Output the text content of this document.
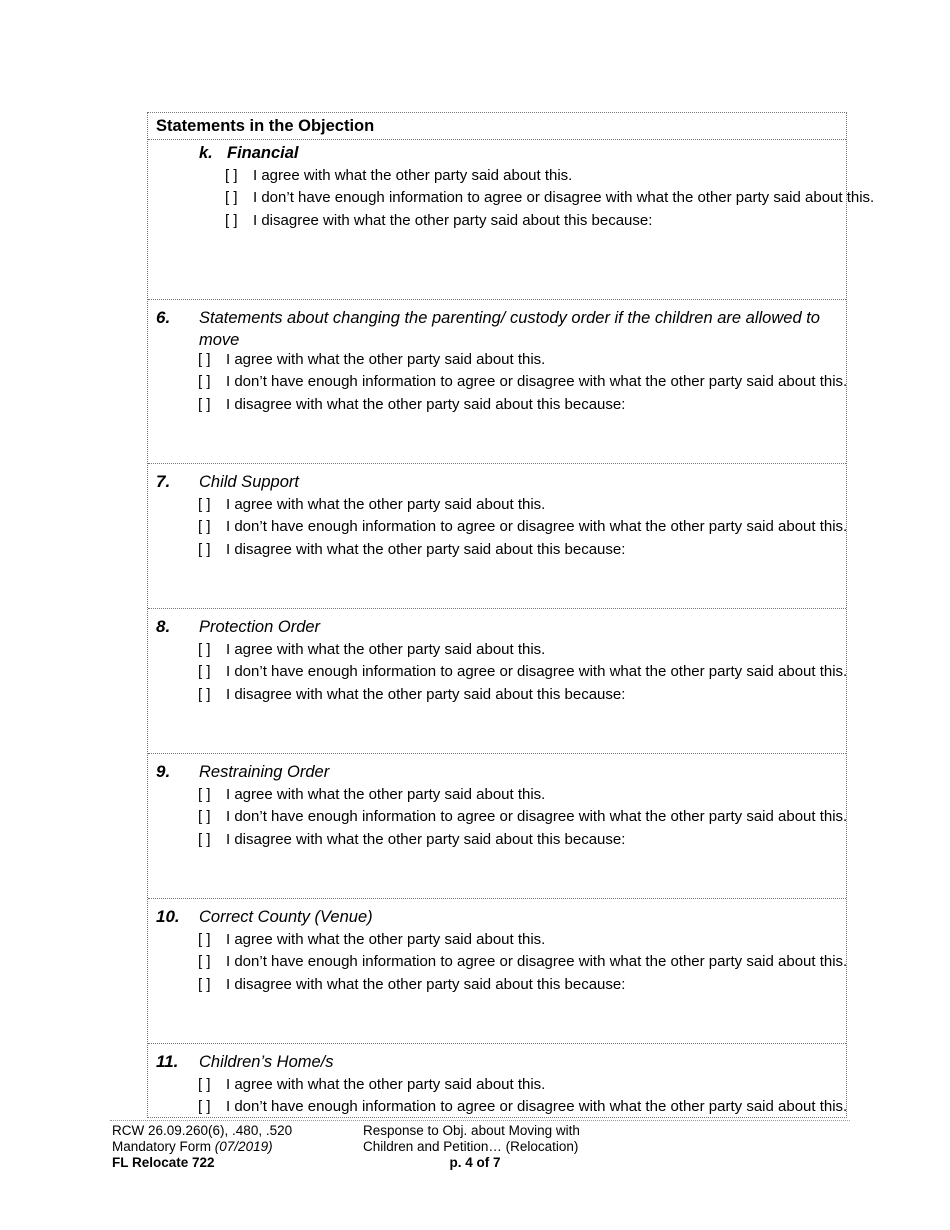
Statements in the Objection
k. Financial
[ ]	I agree with what the other party said about this.
[ ]	I don’t have enough information to agree or disagree with what the other party said about this.
[ ]	I disagree with what the other party said about this because:
6. Statements about changing the parenting/ custody order if the children are allowed to move
[ ]	I agree with what the other party said about this.
[ ]	I don’t have enough information to agree or disagree with what the other party said about this.
[ ]	I disagree with what the other party said about this because:
7. Child Support
[ ]	I agree with what the other party said about this.
[ ]	I don’t have enough information to agree or disagree with what the other party said about this.
[ ]	I disagree with what the other party said about this because:
8. Protection Order
[ ]	I agree with what the other party said about this.
[ ]	I don’t have enough information to agree or disagree with what the other party said about this.
[ ]	I disagree with what the other party said about this because:
9. Restraining Order
[ ]	I agree with what the other party said about this.
[ ]	I don’t have enough information to agree or disagree with what the other party said about this.
[ ]	I disagree with what the other party said about this because:
10. Correct County (Venue)
[ ]	I agree with what the other party said about this.
[ ]	I don’t have enough information to agree or disagree with what the other party said about this.
[ ]	I disagree with what the other party said about this because:
11. Children’s Home/s
[ ]	I agree with what the other party said about this.
[ ]	I don’t have enough information to agree or disagree with what the other party said about this.
RCW 26.09.260(6), .480, .520
Mandatory Form (07/2019)
FL Relocate 722
Response to Obj. about Moving with
Children and Petition… (Relocation)
p. 4 of 7
